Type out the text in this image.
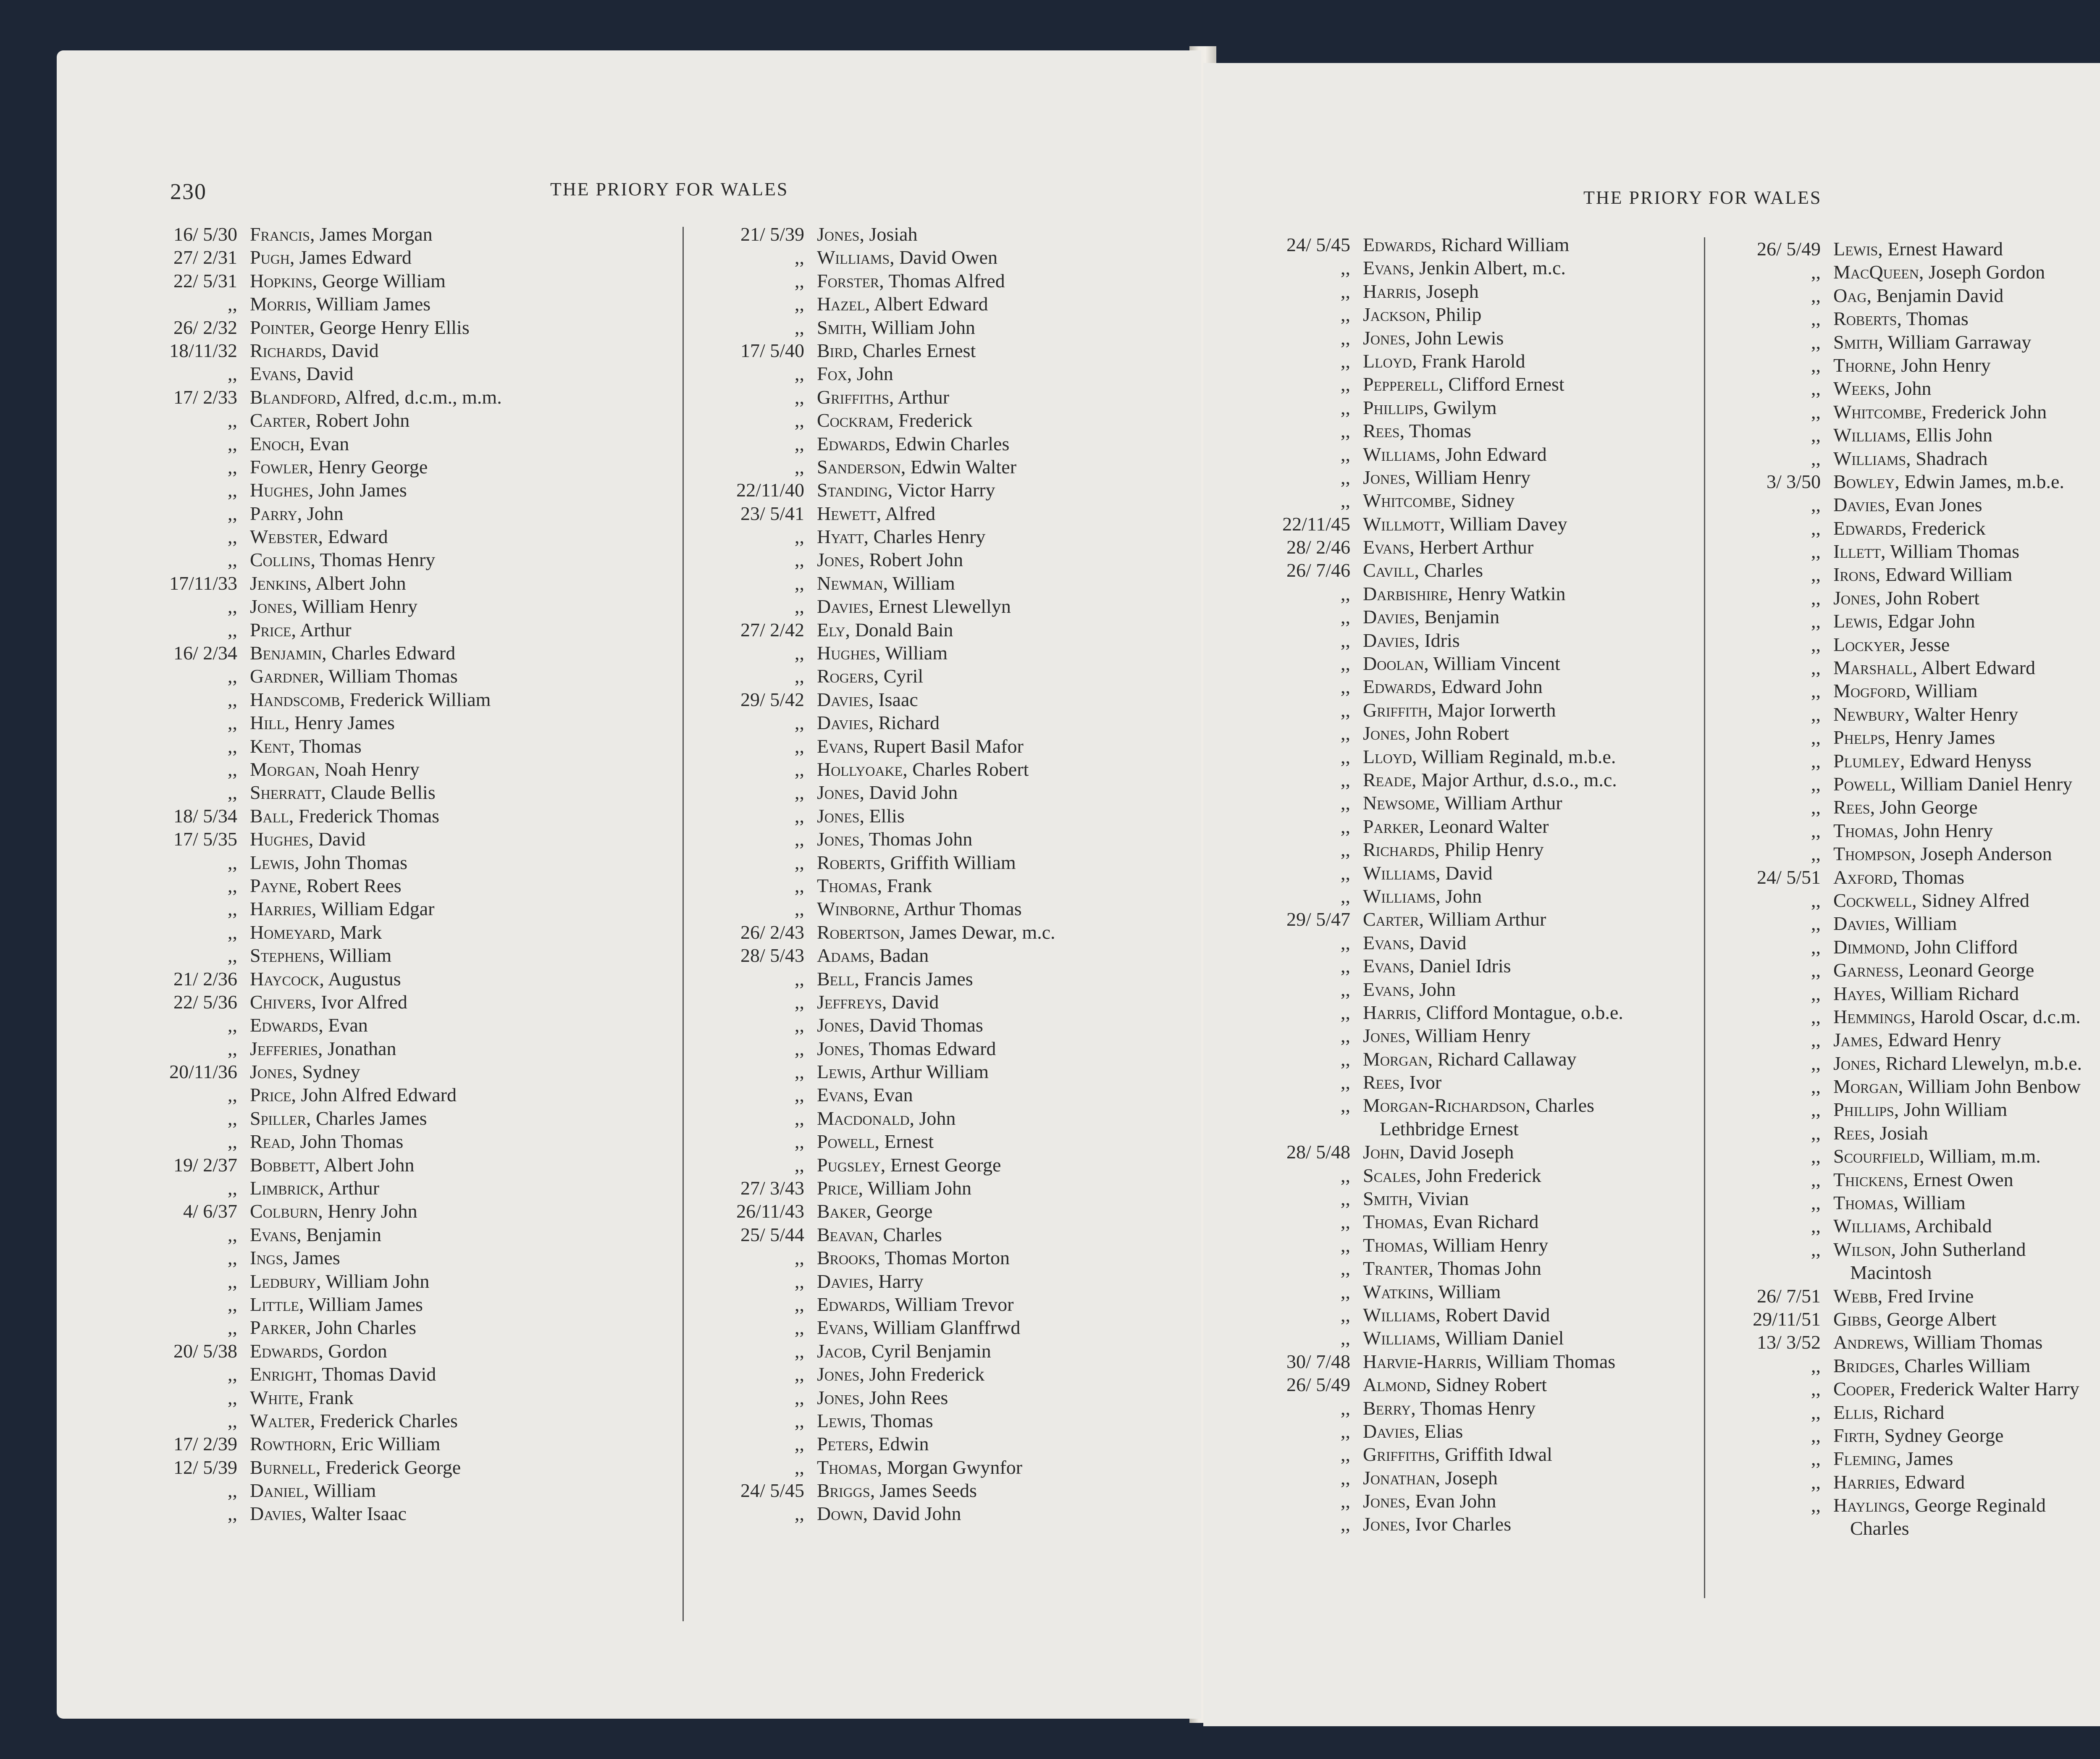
230	THE PRIORY FOR WALES
16/ 5/30 Francis, James Morgan
27/ 2/31 Pugh, James Edward
22/ 5/31 Hopkins, George William
,, Morris, William James
26/ 2/32 Pointer, George Henry Ellis
18/11/32 Richards, David
,, Evans, David
17/ 2/33 Blandford, Alfred, d.c.m., m.m.
,, Carter, Robert John
,, Enoch, Evan
,, Fowler, Henry George
,, Hughes, John James
,, Parry, John
,, Webster, Edward
,, Collins, Thomas Henry
17/11/33 Jenkins, Albert John
,, Jones, William Henry
,, Price, Arthur
16/ 2/34 Benjamin, Charles Edward
,, Gardner, William Thomas
,, Handscomb, Frederick William
,, Hill, Henry James
,, Kent, Thomas
,, Morgan, Noah Henry
,, Sherratt, Claude Bellis
18/ 5/34 Ball, Frederick Thomas
17/ 5/35 Hughes, David
,, Lewis, John Thomas
,, Payne, Robert Rees
,, Harries, William Edgar
,, Homeyard, Mark
,, Stephens, William
21/ 2/36 Haycock, Augustus
22/ 5/36 Chivers, Ivor Alfred
,, Edwards, Evan
,, Jefferies, Jonathan
20/11/36 Jones, Sydney
,, Price, John Alfred Edward
,, Spiller, Charles James
,, Read, John Thomas
19/ 2/37 Bobbett, Albert John
,, Limbrick, Arthur
4/ 6/37 Colburn, Henry John
,, Evans, Benjamin
,, Ings, James
,, Ledbury, William John
,, Little, William James
,, Parker, John Charles
20/ 5/38 Edwards, Gordon
,, Enright, Thomas David
,, White, Frank
,, Walter, Frederick Charles
17/ 2/39 Rowthorn, Eric William
12/ 5/39 Burnell, Frederick George
,, Daniel, William
,, Davies, Walter Isaac
21/ 5/39 Jones, Josiah
,, Williams, David Owen
,, Forster, Thomas Alfred
,, Hazel, Albert Edward
,, Smith, William John
17/ 5/40 Bird, Charles Ernest
,, Fox, John
,, Griffiths, Arthur
,, Cockram, Frederick
,, Edwards, Edwin Charles
,, Sanderson, Edwin Walter
22/11/40 Standing, Victor Harry
23/ 5/41 Hewett, Alfred
,, Hyatt, Charles Henry
,, Jones, Robert John
,, Newman, William
,, Davies, Ernest Llewellyn
27/ 2/42 Ely, Donald Bain
,, Hughes, William
,, Rogers, Cyril
29/ 5/42 Davies, Isaac
,, Davies, Richard
,, Evans, Rupert Basil Mafor
,, Hollyoake, Charles Robert
,, Jones, David John
,, Jones, Ellis
,, Jones, Thomas John
,, Roberts, Griffith William
,, Thomas, Frank
,, Winborne, Arthur Thomas
26/ 2/43 Robertson, James Dewar, m.c.
28/ 5/43 Adams, Badan
,, Bell, Francis James
,, Jeffreys, David
,, Jones, David Thomas
,, Jones, Thomas Edward
,, Lewis, Arthur William
,, Evans, Evan
,, Macdonald, John
,, Powell, Ernest
,, Pugsley, Ernest George
27/ 3/43 Price, William John
26/11/43 Baker, George
25/ 5/44 Beavan, Charles
,, Brooks, Thomas Morton
,, Davies, Harry
,, Edwards, William Trevor
,, Evans, William Glanffrwd
,, Jacob, Cyril Benjamin
,, Jones, John Frederick
,, Jones, John Rees
,, Lewis, Thomas
,, Peters, Edwin
,, Thomas, Morgan Gwynfor
24/ 5/45 Briggs, James Seeds
,, Down, David John
THE PRIORY FOR WALES
24/ 5/45 Edwards, Richard William
,, Evans, Jenkin Albert, m.c.
,, Harris, Joseph
,, Jackson, Philip
,, Jones, John Lewis
,, Lloyd, Frank Harold
,, Pepperell, Clifford Ernest
,, Phillips, Gwilym
,, Rees, Thomas
,, Williams, John Edward
,, Jones, William Henry
,, Whitcombe, Sidney
22/11/45 Willmott, William Davey
28/ 2/46 Evans, Herbert Arthur
26/ 7/46 Cavill, Charles
,, Darbishire, Henry Watkin
,, Davies, Benjamin
,, Davies, Idris
,, Doolan, William Vincent
,, Edwards, Edward John
,, Griffith, Major Iorwerth
,, Jones, John Robert
,, Lloyd, William Reginald, m.b.e.
,, Reade, Major Arthur, d.s.o., m.c.
,, Newsome, William Arthur
,, Parker, Leonard Walter
,, Richards, Philip Henry
,, Williams, David
,, Williams, John
29/ 5/47 Carter, William Arthur
,, Evans, David
,, Evans, Daniel Idris
,, Evans, John
,, Harris, Clifford Montague, o.b.e.
,, Jones, William Henry
,, Morgan, Richard Callaway
,, Rees, Ivor
,, Morgan-Richardson, Charles
Lethbridge Ernest
28/ 5/48 John, David Joseph
,, Scales, John Frederick
,, Smith, Vivian
,, Thomas, Evan Richard
,, Thomas, William Henry
,, Tranter, Thomas John
,, Watkins, William
,, Williams, Robert David
,, Williams, William Daniel
30/ 7/48 Harvie-Harris, William Thomas
26/ 5/49 Almond, Sidney Robert
,, Berry, Thomas Henry
,, Davies, Elias
,, Griffiths, Griffith Idwal
,, Jonathan, Joseph
,, Jones, Evan John
,, Jones, Ivor Charles
26/ 5/49 Lewis, Ernest Haward
,, MacQueen, Joseph Gordon
,, Oag, Benjamin David
,, Roberts, Thomas
,, Smith, William Garraway
,, Thorne, John Henry
,, Weeks, John
,, Whitcombe, Frederick John
,, Williams, Ellis John
,, Williams, Shadrach
3/ 3/50 Bowley, Edwin James, m.b.e.
,, Davies, Evan Jones
,, Edwards, Frederick
,, Illett, William Thomas
,, Irons, Edward William
,, Jones, John Robert
,, Lewis, Edgar John
,, Lockyer, Jesse
,, Marshall, Albert Edward
,, Mogford, William
,, Newbury, Walter Henry
,, Phelps, Henry James
,, Plumley, Edward Henyss
,, Powell, William Daniel Henry
,, Rees, John George
,, Thomas, John Henry
,, Thompson, Joseph Anderson
24/ 5/51 Axford, Thomas
,, Cockwell, Sidney Alfred
,, Davies, William
,, Dimmond, John Clifford
,, Garness, Leonard George
,, Hayes, William Richard
,, Hemmings, Harold Oscar, d.c.m.
,, James, Edward Henry
,, Jones, Richard Llewelyn, m.b.e.
,, Morgan, William John Benbow
,, Phillips, John William
,, Rees, Josiah
,, Scourfield, William, m.m.
,, Thickens, Ernest Owen
,, Thomas, William
,, Williams, Archibald
,, Wilson, John Sutherland
Macintosh
26/ 7/51 Webb, Fred Irvine
29/11/51 Gibbs, George Albert
13/ 3/52 Andrews, William Thomas
,, Bridges, Charles William
,, Cooper, Frederick Walter Harry
,, Ellis, Richard
,, Firth, Sydney George
,, Fleming, James
,, Harries, Edward
,, Haylings, George Reginald
Charles
